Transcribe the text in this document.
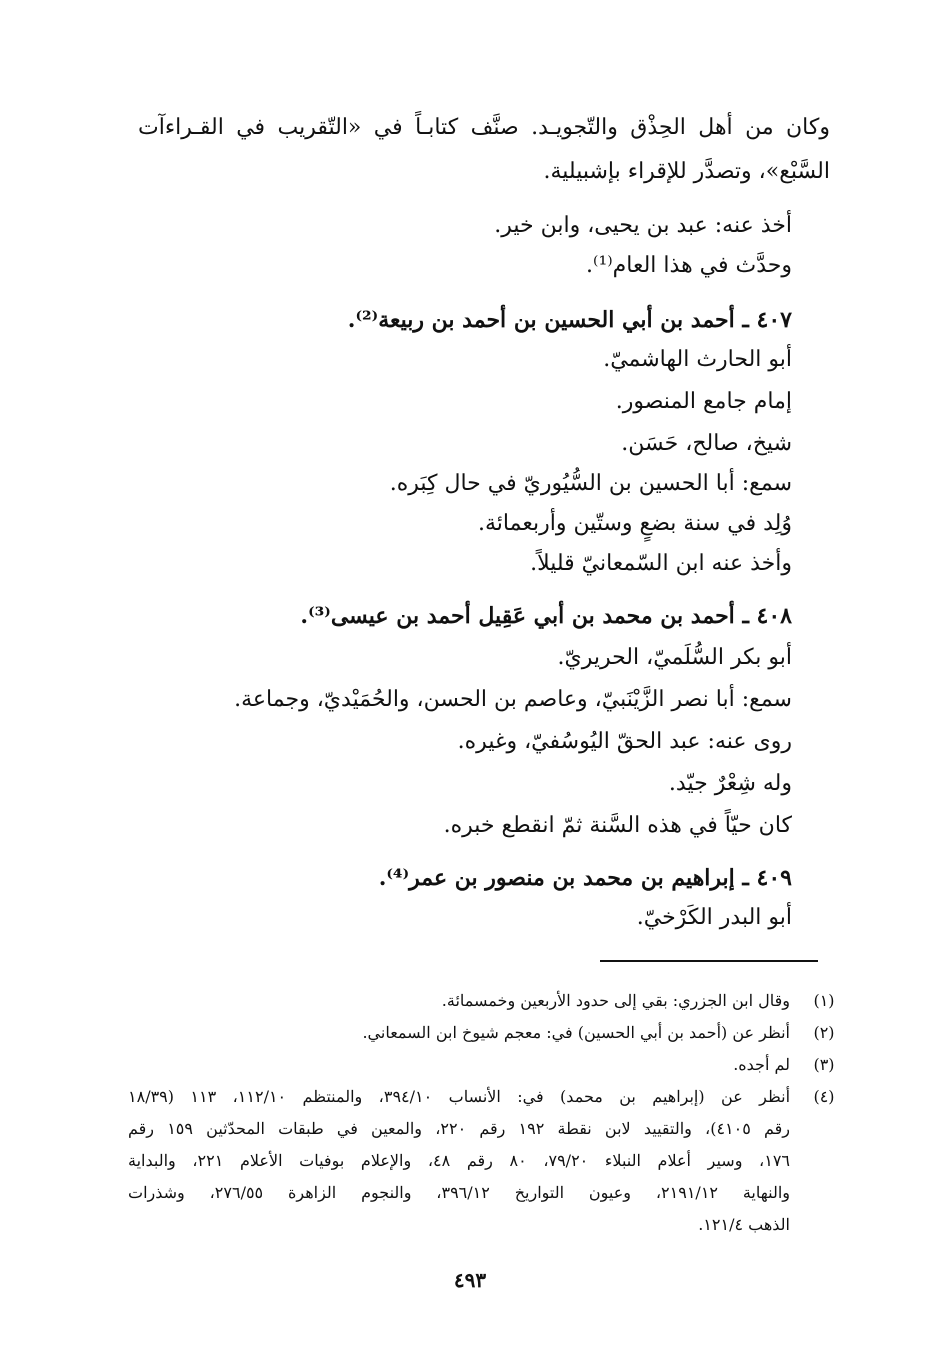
وكان من أهل الحِذْق والتّجويـد. صنَّف كتابـاً في «التّقريب في القـراءآت
السَّبْع»، وتصدَّر للإقراء بإشبيلية.
أخذ عنه: عبد بن يحيى، وابن خير.
وحدَّث في هذا العام⁽¹⁾.
٤٠٧ ـ أحمد بن أبي الحسين بن أحمد بن ربيعة⁽²⁾.
أبو الحارث الهاشميّ.
إمام جامع المنصور.
شيخ، صالح، حَسَن.
سمع: أبا الحسين بن السُّيُوريّ في حال كِبَره.
وُلِد في سنة بضعٍ وستّين وأربعمائة.
وأخذ عنه ابن السّمعانيّ قليلاً.
٤٠٨ ـ أحمد بن محمد بن أبي عَقِيل أحمد بن عيسى⁽³⁾.
أبو بكر السُّلَميّ، الحريريّ.
سمع: أبا نصر الزَّيْنَبيّ، وعاصم بن الحسن، والحُمَيْديّ، وجماعة.
روى عنه: عبد الحقّ اليُوسُفيّ، وغيره.
وله شِعْرٌ جيّد.
كان حيّاً في هذه السَّنة ثمّ انقطع خبره.
٤٠٩ ـ إبراهيم بن محمد بن منصور بن عمر⁽⁴⁾.
أبو البدر الكَرْخيّ.
(١)
وقال ابن الجزري: بقي إلى حدود الأربعين وخمسمائة.
(٢)
أنظر عن (أحمد بن أبي الحسين) في: معجم شيوخ ابن السمعاني.
(٣)
لم أجده.
(٤)
أنظر عن (إبراهيم بن محمد) في: الأنساب ٣٩٤/١٠، والمنتظم ١١٢/١٠، ١١٣ (١٨/٣٩
رقم ٤١٠٥)، والتقييد لابن نقطة ١٩٢ رقم ٢٢٠، والمعين في طبقات المحدّثين ١٥٩ رقم
١٧٦، وسير أعلام النبلاء ٧٩/٢٠، ٨٠ رقم ٤٨، والإعلام بوفيات الأعلام ٢٢١، والبداية
والنهاية ٢١٩١/١٢، وعيون التواريخ ٣٩٦/١٢، والنجوم الزاهرة ٢٧٦/٥٥، وشذرات
الذهب ١٢١/٤.
٤٩٣
